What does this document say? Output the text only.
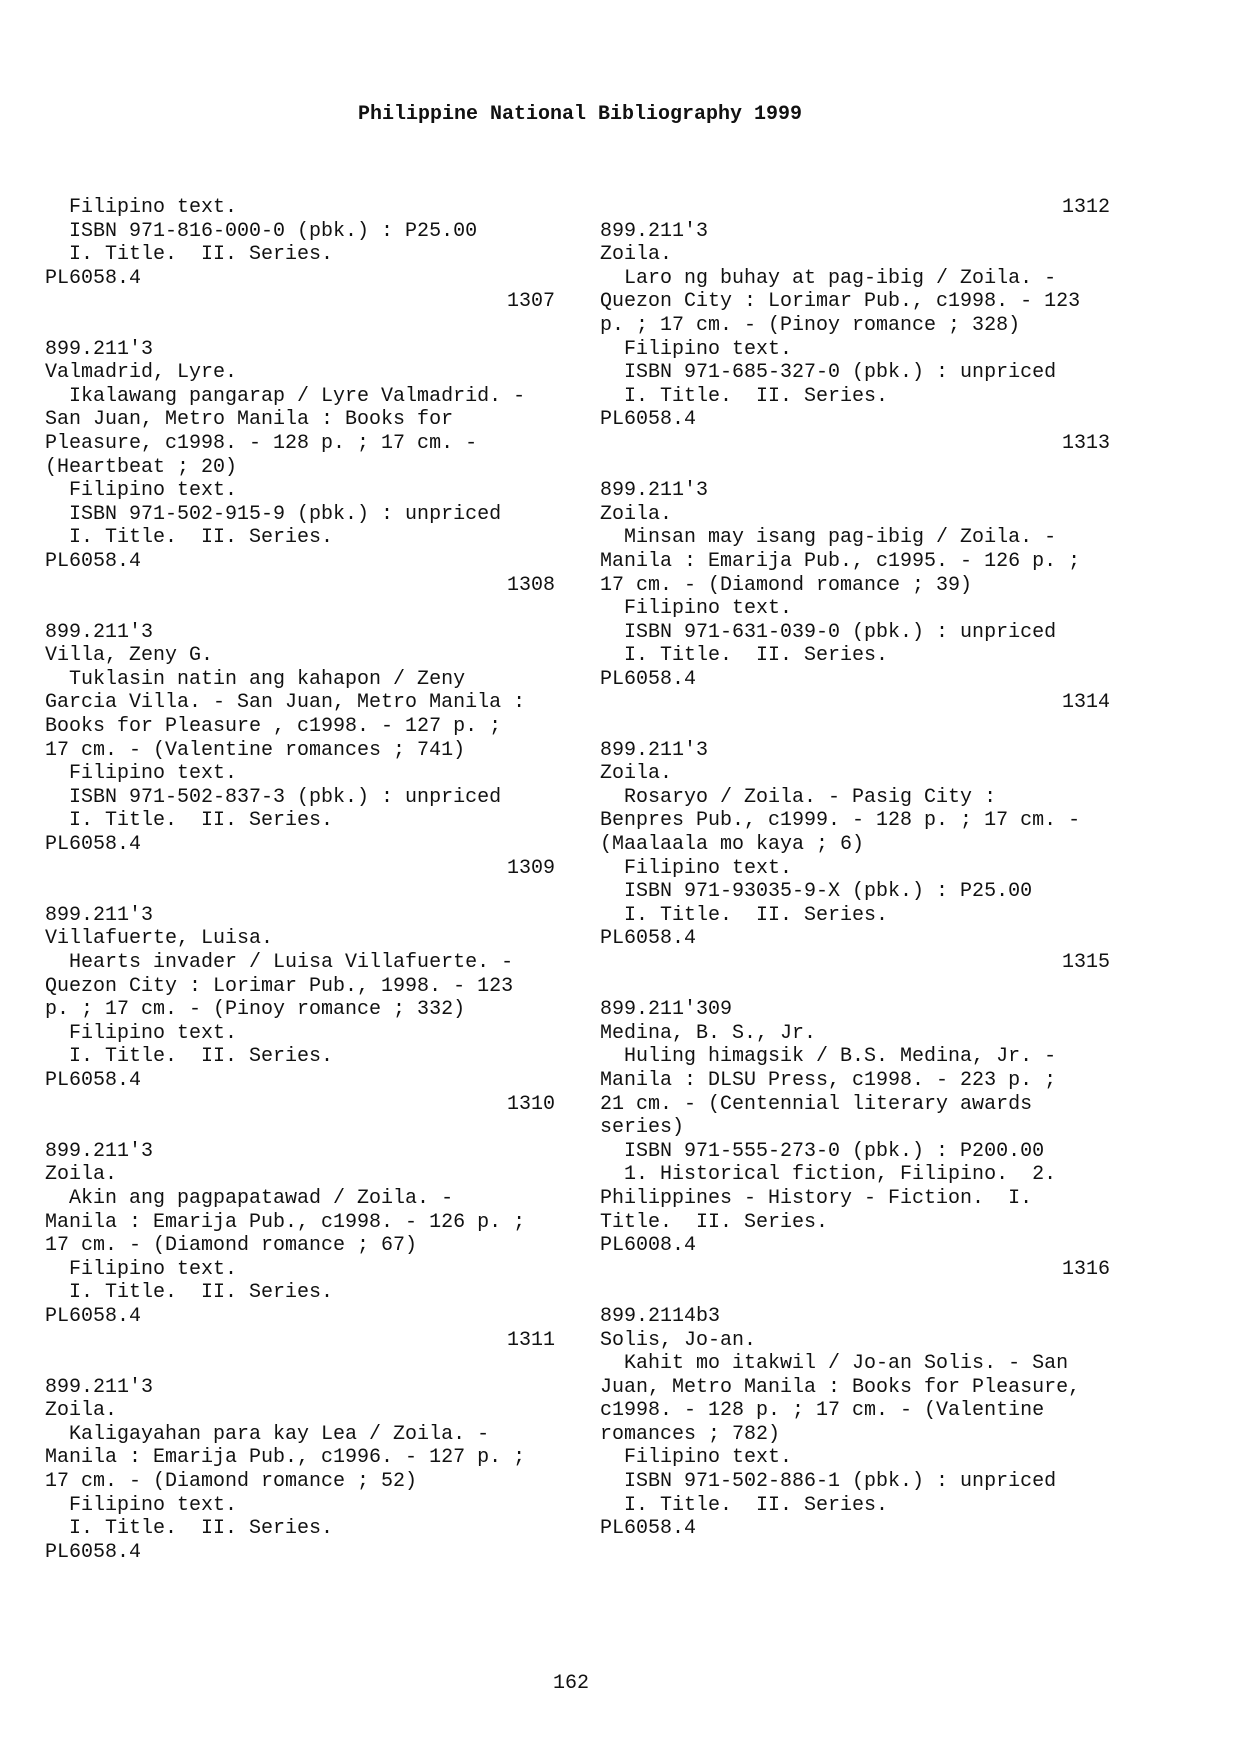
Philippine National Bibliography 1999
Filipino text.
ISBN 971-816-000-0 (pbk.) : P25.00
I. Title.  II. Series.
PL6058.4
1307
899.211'3
Valmadrid, Lyre.
Ikalawang pangarap / Lyre Valmadrid. -
San Juan, Metro Manila : Books for
Pleasure, c1998. - 128 p. ; 17 cm. -
(Heartbeat ; 20)
Filipino text.
ISBN 971-502-915-9 (pbk.) : unpriced
I. Title.  II. Series.
PL6058.4
1308
899.211'3
Villa, Zeny G.
Tuklasin natin ang kahapon / Zeny
Garcia Villa. - San Juan, Metro Manila :
Books for Pleasure , c1998. - 127 p. ;
17 cm. - (Valentine romances ; 741)
Filipino text.
ISBN 971-502-837-3 (pbk.) : unpriced
I. Title.  II. Series.
PL6058.4
1309
899.211'3
Villafuerte, Luisa.
Hearts invader / Luisa Villafuerte. -
Quezon City : Lorimar Pub., 1998. - 123
p. ; 17 cm. - (Pinoy romance ; 332)
Filipino text.
I. Title.  II. Series.
PL6058.4
1310
899.211'3
Zoila.
Akin ang pagpapatawad / Zoila. -
Manila : Emarija Pub., c1998. - 126 p. ;
17 cm. - (Diamond romance ; 67)
Filipino text.
I. Title.  II. Series.
PL6058.4
1311
899.211'3
Zoila.
Kaligayahan para kay Lea / Zoila. -
Manila : Emarija Pub., c1996. - 127 p. ;
17 cm. - (Diamond romance ; 52)
Filipino text.
I. Title.  II. Series.
PL6058.4
1312
899.211'3
Zoila.
Laro ng buhay at pag-ibig / Zoila. -
Quezon City : Lorimar Pub., c1998. - 123
p. ; 17 cm. - (Pinoy romance ; 328)
Filipino text.
ISBN 971-685-327-0 (pbk.) : unpriced
I. Title.  II. Series.
PL6058.4
1313
899.211'3
Zoila.
Minsan may isang pag-ibig / Zoila. -
Manila : Emarija Pub., c1995. - 126 p. ;
17 cm. - (Diamond romance ; 39)
Filipino text.
ISBN 971-631-039-0 (pbk.) : unpriced
I. Title.  II. Series.
PL6058.4
1314
899.211'3
Zoila.
Rosaryo / Zoila. - Pasig City :
Benpres Pub., c1999. - 128 p. ; 17 cm. -
(Maalaala mo kaya ; 6)
Filipino text.
ISBN 971-93035-9-X (pbk.) : P25.00
I. Title.  II. Series.
PL6058.4
1315
899.211'309
Medina, B. S., Jr.
Huling himagsik / B.S. Medina, Jr. -
Manila : DLSU Press, c1998. - 223 p. ;
21 cm. - (Centennial literary awards
series)
ISBN 971-555-273-0 (pbk.) : P200.00
1. Historical fiction, Filipino.  2.
Philippines - History - Fiction.  I.
Title.  II. Series.
PL6008.4
1316
899.2114b3
Solis, Jo-an.
Kahit mo itakwil / Jo-an Solis. - San
Juan, Metro Manila : Books for Pleasure,
c1998. - 128 p. ; 17 cm. - (Valentine
romances ; 782)
Filipino text.
ISBN 971-502-886-1 (pbk.) : unpriced
I. Title.  II. Series.
PL6058.4
162
